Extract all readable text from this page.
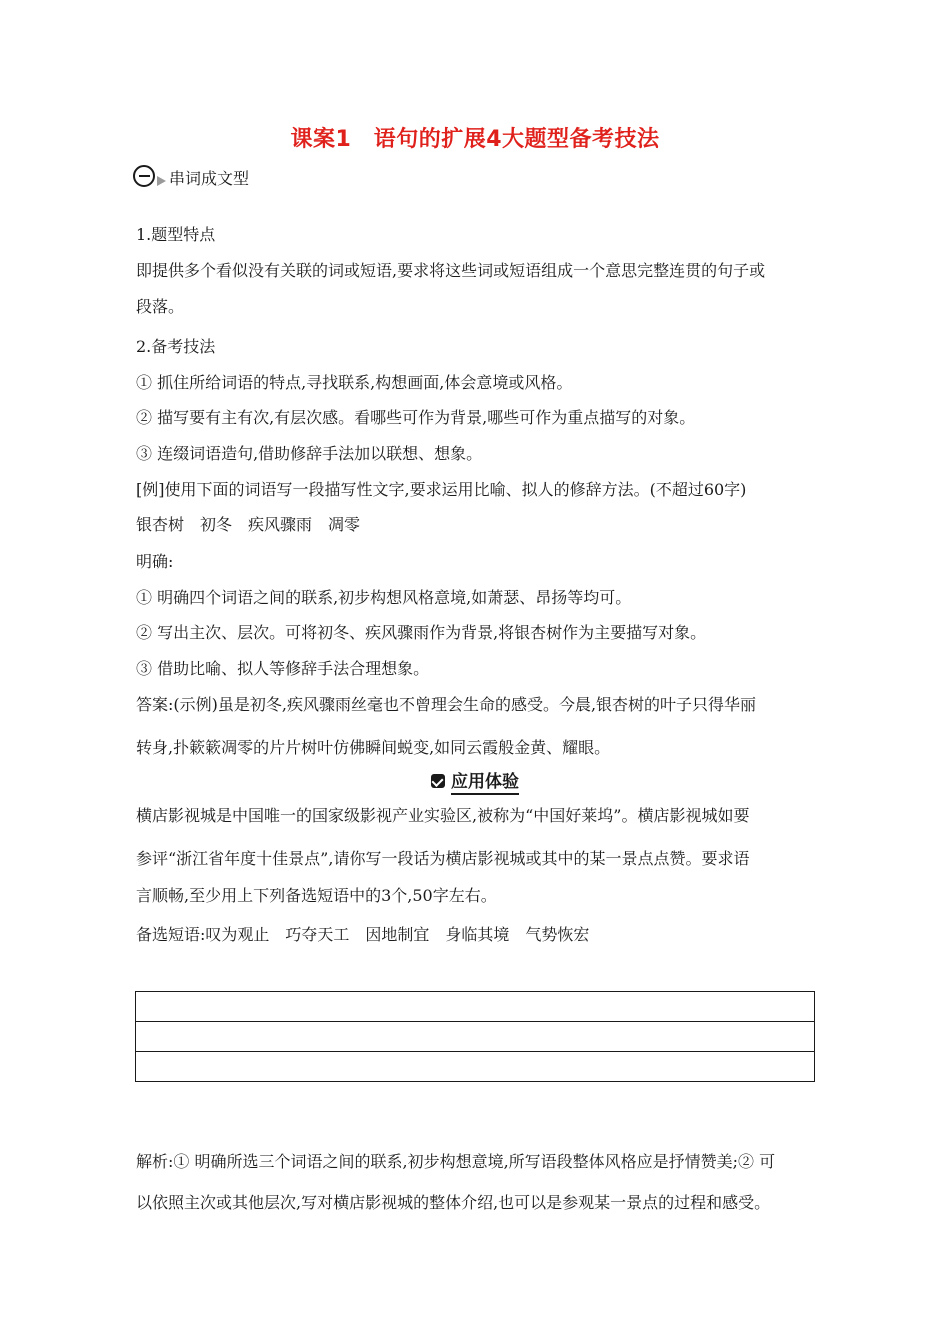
课案1　语句的扩展4大题型备考技法
串词成文型
1.题型特点
即提供多个看似没有关联的词或短语,要求将这些词或短语组成一个意思完整连贯的句子或
段落。
2.备考技法
① 抓住所给词语的特点,寻找联系,构想画面,体会意境或风格。
② 描写要有主有次,有层次感。看哪些可作为背景,哪些可作为重点描写的对象。
③ 连缀词语造句,借助修辞手法加以联想、想象。
[例]使用下面的词语写一段描写性文字,要求运用比喻、拟人的修辞方法。(不超过60字)
银杏树　初冬　疾风骤雨　凋零
明确:
① 明确四个词语之间的联系,初步构想风格意境,如萧瑟、昂扬等均可。
② 写出主次、层次。可将初冬、疾风骤雨作为背景,将银杏树作为主要描写对象。
③ 借助比喻、拟人等修辞手法合理想象。
答案:(示例)虽是初冬,疾风骤雨丝毫也不曾理会生命的感受。今晨,银杏树的叶子只得华丽
转身,扑簌簌凋零的片片树叶仿佛瞬间蜕变,如同云霞般金黄、耀眼。
应用体验
横店影视城是中国唯一的国家级影视产业实验区,被称为“中国好莱坞”。横店影视城如要
参评“浙江省年度十佳景点”,请你写一段话为横店影视城或其中的某一景点点赞。要求语
言顺畅,至少用上下列备选短语中的3个,50字左右。
备选短语:叹为观止　巧夺天工　因地制宜　身临其境　气势恢宏
解析:① 明确所选三个词语之间的联系,初步构想意境,所写语段整体风格应是抒情赞美;② 可
以依照主次或其他层次,写对横店影视城的整体介绍,也可以是参观某一景点的过程和感受。
